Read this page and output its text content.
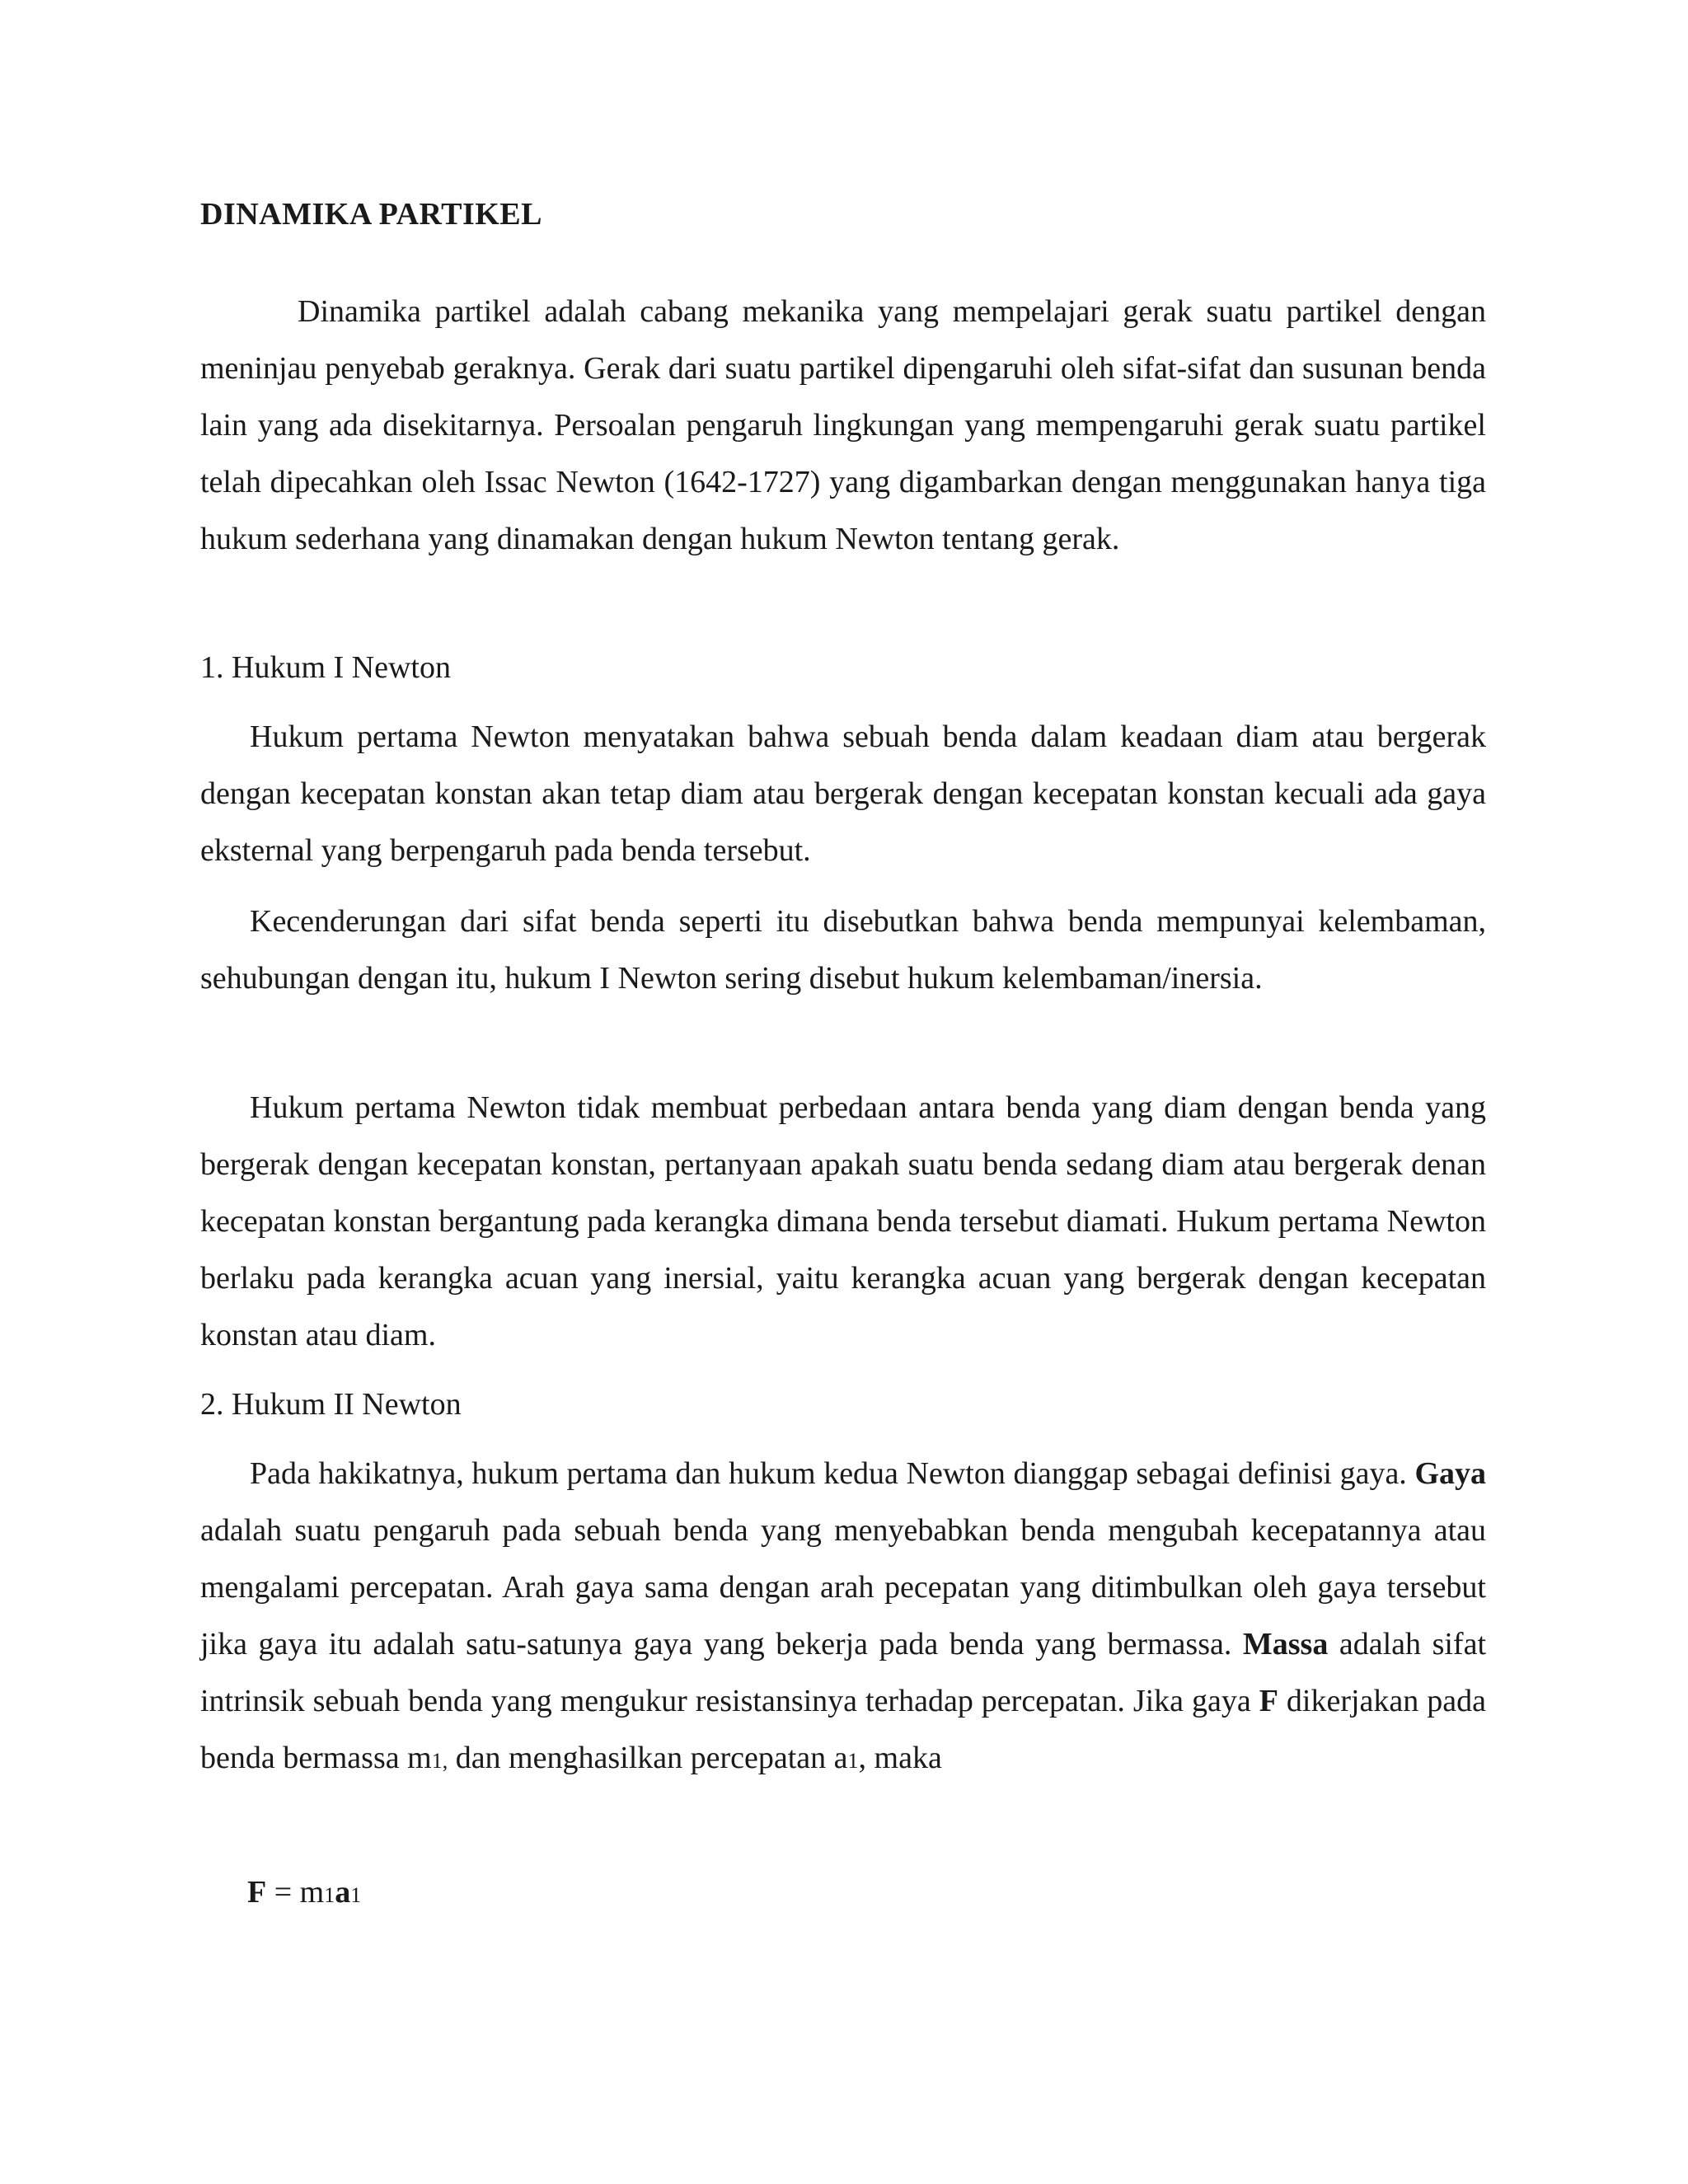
DINAMIKA PARTIKEL

Dinamika partikel adalah cabang mekanika yang mempelajari gerak suatu partikel dengan meninjau penyebab geraknya. Gerak dari suatu partikel dipengaruhi oleh sifat-sifat dan susunan benda lain yang ada disekitarnya. Persoalan pengaruh lingkungan yang mempengaruhi gerak suatu partikel telah dipecahkan oleh Issac Newton (1642-1727) yang digambarkan dengan menggunakan hanya tiga hukum sederhana yang dinamakan dengan hukum Newton tentang gerak.

1. Hukum I Newton

Hukum pertama Newton menyatakan bahwa sebuah benda dalam keadaan diam atau bergerak dengan kecepatan konstan akan tetap diam atau bergerak dengan kecepatan konstan kecuali ada gaya eksternal yang berpengaruh pada benda tersebut.

Kecenderungan dari sifat benda seperti itu disebutkan bahwa benda mempunyai kelembaman, sehubungan dengan itu, hukum I Newton sering disebut hukum kelembaman/inersia.

Hukum pertama Newton tidak membuat perbedaan antara benda yang diam dengan benda yang bergerak dengan kecepatan konstan, pertanyaan apakah suatu benda sedang diam atau bergerak denan kecepatan konstan bergantung pada kerangka dimana benda tersebut diamati. Hukum pertama Newton berlaku pada kerangka acuan yang inersial, yaitu kerangka acuan yang bergerak dengan kecepatan konstan atau diam.

2. Hukum II Newton

Pada hakikatnya, hukum pertama dan hukum kedua Newton dianggap sebagai definisi gaya. Gaya adalah suatu pengaruh pada sebuah benda yang menyebabkan benda mengubah kecepatannya atau mengalami percepatan. Arah gaya sama dengan arah pecepatan yang ditimbulkan oleh gaya tersebut jika gaya itu adalah satu-satunya gaya yang bekerja pada benda yang bermassa. Massa adalah sifat intrinsik sebuah benda yang mengukur resistansinya terhadap percepatan. Jika gaya F dikerjakan pada benda bermassa m1, dan menghasilkan percepatan a1, maka

F = m1a1
